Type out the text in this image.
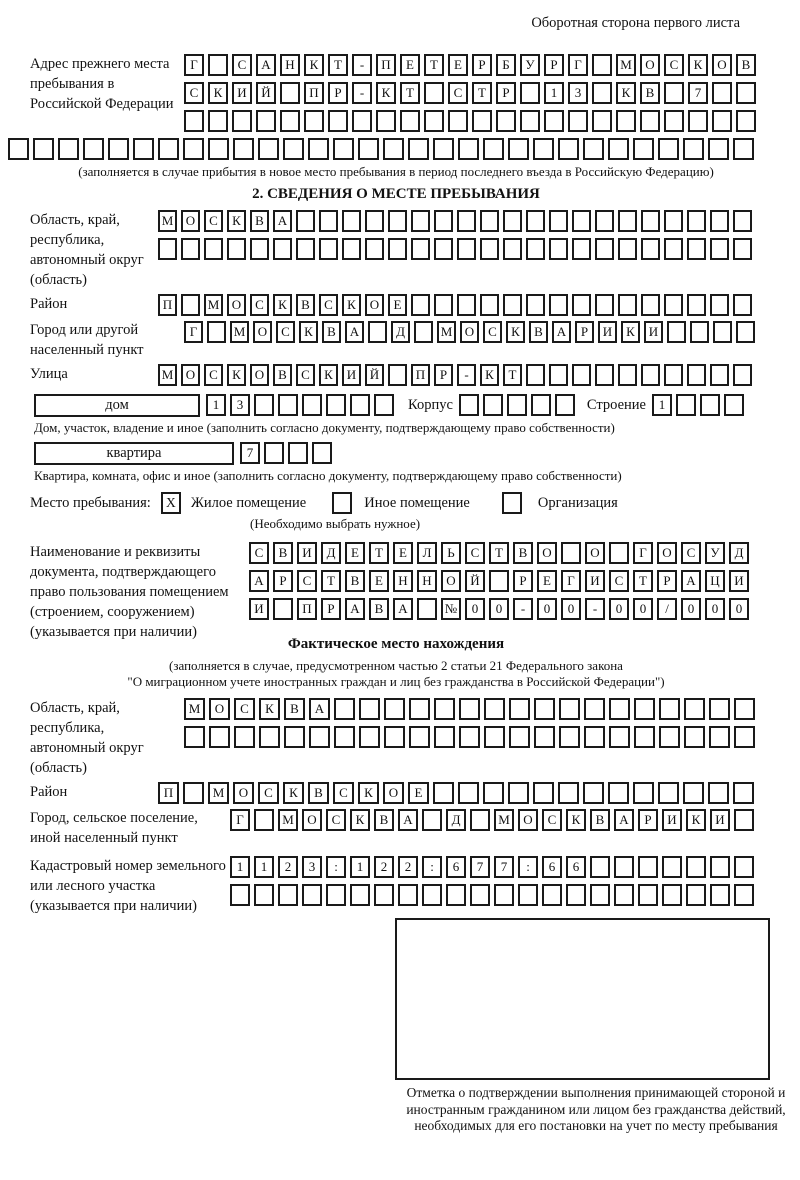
Оборотная сторона первого листа
Адрес прежнего места пребывания в Российской Федерации
Г	С	А	Н	К	Т	-	П	Е	Т	Е	Р	Б	У	Р	Г	М	О	С	К	О	В
С	К	И	Й	П	Р	-	К	Т	С	Т	Р	1	3	К	В	7
(заполняется в случае прибытия в новое место пребывания в период последнего въезда в Российскую Федерацию)
2. СВЕДЕНИЯ О МЕСТЕ ПРЕБЫВАНИЯ
Область, край, республика, автономный округ (область)
М О	С	К	В	А
Район	П	М О	С	К	В	С	К	О	Е
Город или другой населенный пункт
Г	М О	С	К	В	А	Д	М О	С	К	В	А	Р	И	К	И
Улица	М О	С	К	О	В	С	К	И	Й	П	Р	-	К	Т
дом	1	3	Корпус	Строение 1
Дом, участок, владение и иное (заполнить согласно документу, подтверждающему право собственности)
квартира	7
Квартира, комната, офис и иное (заполнить согласно документу, подтверждающему право собственности)
Место пребывания:	X	Жилое помещение	Иное помещение	Организация
(Необходимо выбрать нужное)
Наименование и реквизиты документа, подтверждающего право пользования помещением (строением, сооружением) (указывается при наличии)
С	В	И	Д	Е	Т	Е	Л	Ь	С	Т	В	О	О	Г	О	С	У	Д
А	Р	С	Т	В	Е	Н	Н	О	Й	Р	Е	Г	И	С	Т	Р	А	Ц	И
И	П	Р	А	В	А	№	0	0	-	0	0	-	0	0	/	0	0	0
Фактическое место нахождения
(заполняется в случае, предусмотренном частью 2 статьи 21 Федерального закона
"О миграционном учете иностранных граждан и лиц без гражданства в Российской Федерации")
Область, край, республика, автономный округ (область)
М	О	С	К	В	А
Район	П	М	О	С	К	В	С	К	О	Е
Город, сельское поселение, иной населенный пункт
Г	М	О	С	К	В	А	Д	М	О	С	К	В	А	Р	И	К	И
Кадастровый номер земельного или лесного участка (указывается при наличии)
1	1	2	3	:	1	2	2	:	6	7	7	:	6	6
Отметка о подтверждении выполнения принимающей стороной и иностранным гражданином или лицом без гражданства действий, необходимых для его постановки на учет по месту пребывания
